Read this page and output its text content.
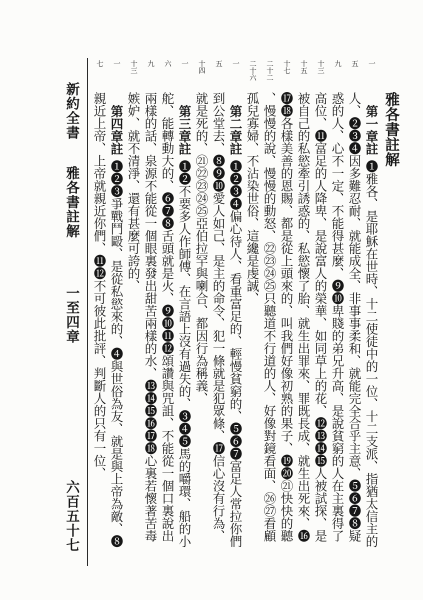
新約全書
雅各書註解
一至四章
六百五十七
一
五
九
十三
十五
十七
二十二
二十六
一
五
十四
一
六
九
十三
一
七
雅各書註解
第一章註❶雅各、是耶穌在世時、十二使徒中的一位、十二支派、指猶太信主的人、❷❸❹因多難忍耐、就能成全、非事事柔和、就能完全合乎主意、❺❻❼❽疑惑的人、心不一定、不能得甚麼、❾❿卑賤的弟兄升高、是說貧窮的人在主裏得了高位、⓫富足的人降卑、是說富人的榮華、如同草上的花、⓬⓭⓮⓯人被試探、是被自己的私慾牽引誘惑的、私慾懷了胎、就生出罪來、罪既長成、就生出死來、⓰⓱⓲各樣美善的恩賜、都是從上頭來的、叫我們好像初熟的果子、⓳⓴㉑快快的聽、慢慢的說、慢慢的動怒、㉒㉓㉔㉕只聽道不行道的人、好像對鏡看面、㉖㉗看顧孤兒寡婦、不沾染世俗、這纔是虔誠、
第二章註❶❷❸❹偏心待人、看重富足的、輕慢貧窮的、❺❻❼富足人常拉你們到公堂去、❽❾❿愛人如己、是主的命令、犯一條就是犯眾條、⓱信心沒有行為、就是死的、㉑㉒㉓㉔㉕亞伯拉罕與喇合、都因行為稱義、
第三章註❶❷不要多人作師傅、在言語上沒有過失的、❸❹❺馬的嚼環、船的小舵、能轉動大的、❻❼❽舌頭就是火、❾❿⓫⓬頌讚與咒詛、不能從一個口裏說出兩樣的話、泉源不能從一個眼裏發出甜苦兩樣的水、⓭⓮⓯⓰⓱⓲心裏若懷著苦毒嫉妒、就不清淨、還有甚麼可誇的、
第四章註❶❷❸爭戰鬥毆、是從私慾來的、❹與世俗為友、就是與上帝為敵、❽親近上帝、上帝就親近你們、⓫⓬不可彼此批評、判斷人的只有一位、
